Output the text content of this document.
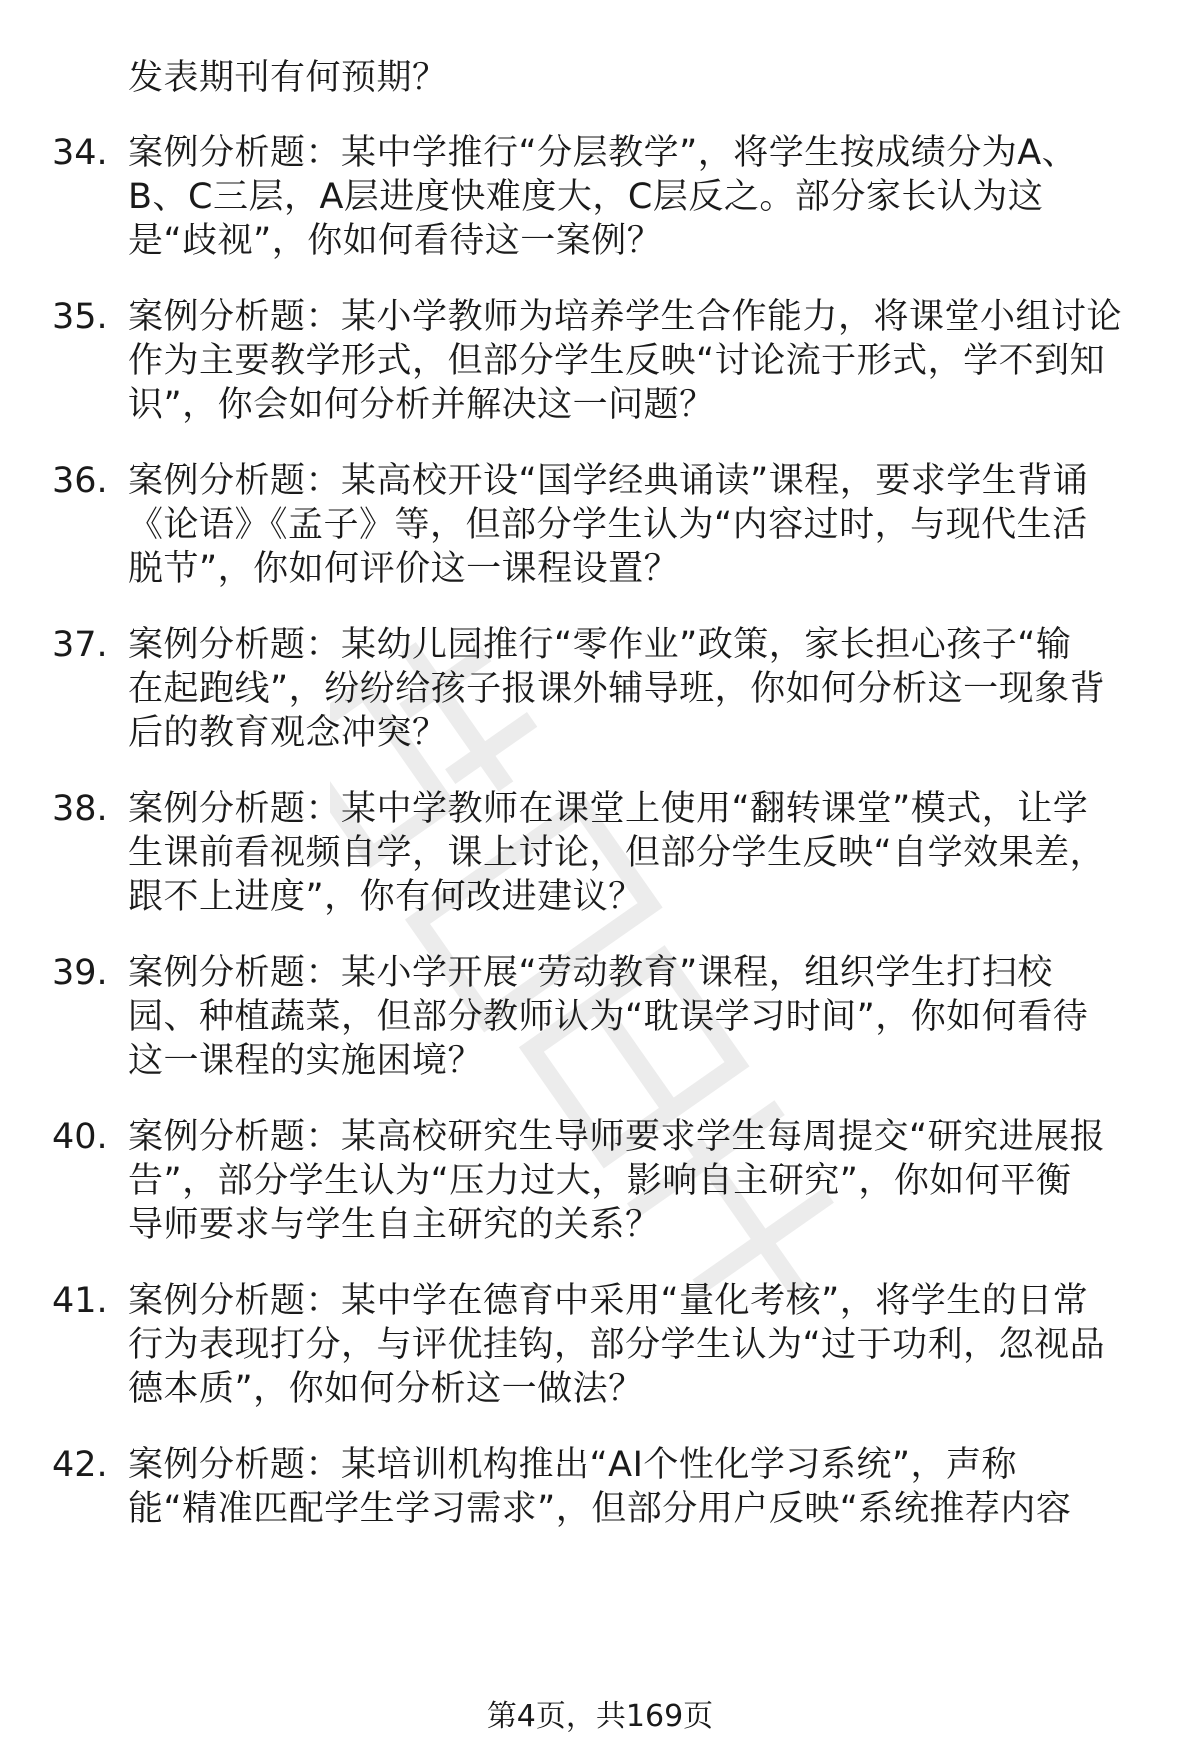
发表期刊有何预期？
34. 案例分析题：某中学推行“分层教学”，将学生按成绩分为A、
B、C三层，A层进度快难度大，C层反之。部分家长认为这
是“歧视”，你如何看待这一案例？
35. 案例分析题：某小学教师为培养学生合作能力，将课堂小组讨论
作为主要教学形式，但部分学生反映“讨论流于形式，学不到知
识”，你会如何分析并解决这一问题？
36. 案例分析题：某高校开设“国学经典诵读”课程，要求学生背诵
《论语》《孟子》等，但部分学生认为“内容过时，与现代生活
脱节”，你如何评价这一课程设置？
37. 案例分析题：某幼儿园推行“零作业”政策，家长担心孩子“输
在起跑线”，纷纷给孩子报课外辅导班，你如何分析这一现象背
后的教育观念冲突？
38. 案例分析题：某中学教师在课堂上使用“翻转课堂”模式，让学
生课前看视频自学，课上讨论，但部分学生反映“自学效果差，
跟不上进度”，你有何改进建议？
39. 案例分析题：某小学开展“劳动教育”课程，组织学生打扫校
园、种植蔬菜，但部分教师认为“耽误学习时间”，你如何看待
这一课程的实施困境？
40. 案例分析题：某高校研究生导师要求学生每周提交“研究进展报
告”，部分学生认为“压力过大，影响自主研究”，你如何平衡
导师要求与学生自主研究的关系？
41. 案例分析题：某中学在德育中采用“量化考核”，将学生的日常
行为表现打分，与评优挂钩，部分学生认为“过于功利，忽视品
德本质”，你如何分析这一做法？
42. 案例分析题：某培训机构推出“AI个性化学习系统”，声称
能“精准匹配学生学习需求”，但部分用户反映“系统推荐内容
第4页，共169页
